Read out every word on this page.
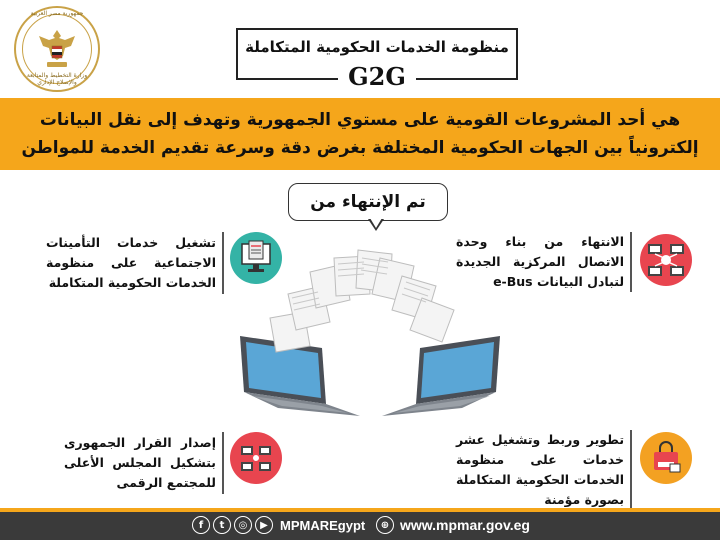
جمهورية مصر العربية
وزارة التخطيط والمتابعة والإصلاح الإداري
منظومة الخدمات الحكومية المتكاملة
G2G
هي أحد المشروعات القومية على مستوي الجمهورية وتهدف إلى نقل البيانات
إلكترونياً بين الجهات الحكومية المختلفة بغرض دقة وسرعة تقديم الخدمة للمواطن
تم الإنتهاء من
الانتهاء من بناء وحدة الاتصال المركزية الجديدة لتبادل البيانات e-Bus
تشغيل خدمات التأمينات الاجتماعية على منظومة الخدمات الحكومية المتكاملة
تطوير وربط وتشغيل عشر خدمات على منظومة الخدمات الحكومية المتكاملة بصورة مؤمنة
إصدار القرار الجمهورى بتشكيل المجلس الأعلى للمجتمع الرقمى
f	t	◎	▶ MPMAREgypt	⊕ www.mpmar.gov.eg
